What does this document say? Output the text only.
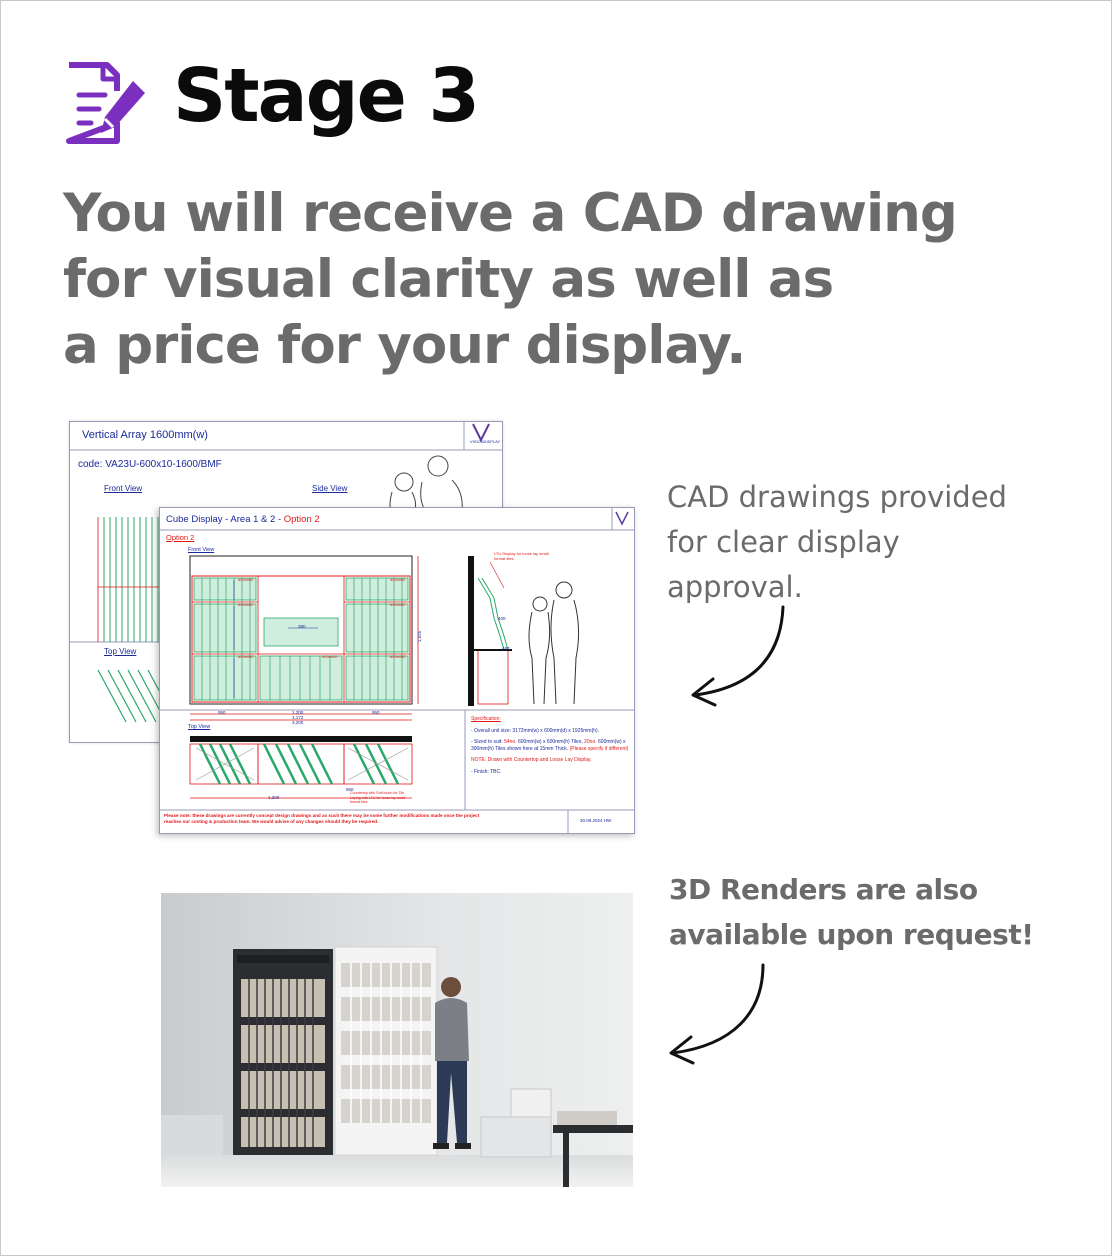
Stage 3

You will receive a CAD drawing
for visual clarity as well as
a price for your display.

Vertical Array 1600mm(w)

VISIONDISPLAY

code: VA23U-600x10-1600/BMF

Front View	Side View

Top View

Cube Display - Area 1 & 2 - Option 2

Option 2

Front View

Top View

600x600	600x600

600x600	600x600

600x600	600x600	600x600

380

950	1,200	950

3,172

3,200

1,925

400

487

1,200

950

LTU Display for loose lay small format tiles.

Countertop with Soft touch for Tile Laying with LTU for loose lay small format tiles

Specification:

- Overall unit size: 3172mm(w) x 600mm(d) x 1925mm(h).

- Sized to suit: 54no. 600mm(w) x 600mm(h) Tiles, 20no. 600mm(w) x 300mm(h) Tiles shown here at 15mm Thick. (Please specify if different)

NOTE: Drawn with Countertop and Loose Lay Display.

- Finish: TBC.

Please note: these drawings are currently concept design drawings and as such there may be some further modifications made once the project reaches our costing & production team. We would advise of any changes should they be required.	30.09.2024 HW

CAD drawings provided
for clear display
approval.

3D Renders are also
available upon request!
